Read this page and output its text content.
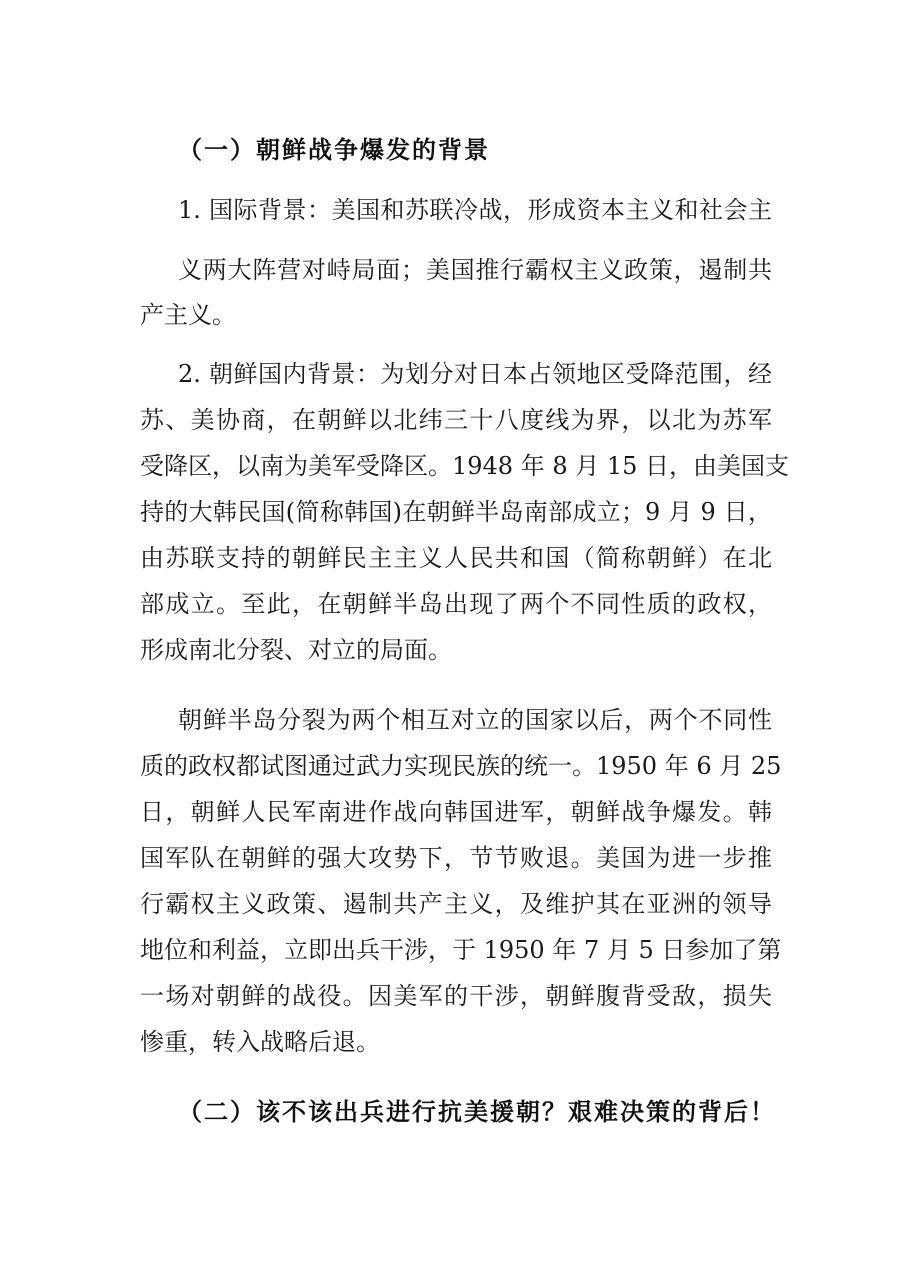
（一）朝鲜战争爆发的背景
1. 国际背景：美国和苏联冷战，形成资本主义和社会主
义两大阵营对峙局面；美国推行霸权主义政策，遏制共
产主义。
2. 朝鲜国内背景：为划分对日本占领地区受降范围，经
苏、美协商，在朝鲜以北纬三十八度线为界，以北为苏军
受降区，以南为美军受降区。1948 年 8 月 15 日，由美国支
持的大韩民国(简称韩国)在朝鲜半岛南部成立；9 月 9 日，
由苏联支持的朝鲜民主主义人民共和国（简称朝鲜）在北
部成立。至此，在朝鲜半岛出现了两个不同性质的政权，
形成南北分裂、对立的局面。
朝鲜半岛分裂为两个相互对立的国家以后，两个不同性
质的政权都试图通过武力实现民族的统一。1950 年 6 月 25
日，朝鲜人民军南进作战向韩国进军，朝鲜战争爆发。韩
国军队在朝鲜的强大攻势下，节节败退。美国为进一步推
行霸权主义政策、遏制共产主义，及维护其在亚洲的领导
地位和利益，立即出兵干涉，于 1950 年 7 月 5 日参加了第
一场对朝鲜的战役。因美军的干涉，朝鲜腹背受敌，损失
惨重，转入战略后退。
（二）该不该出兵进行抗美援朝？艰难决策的背后！
